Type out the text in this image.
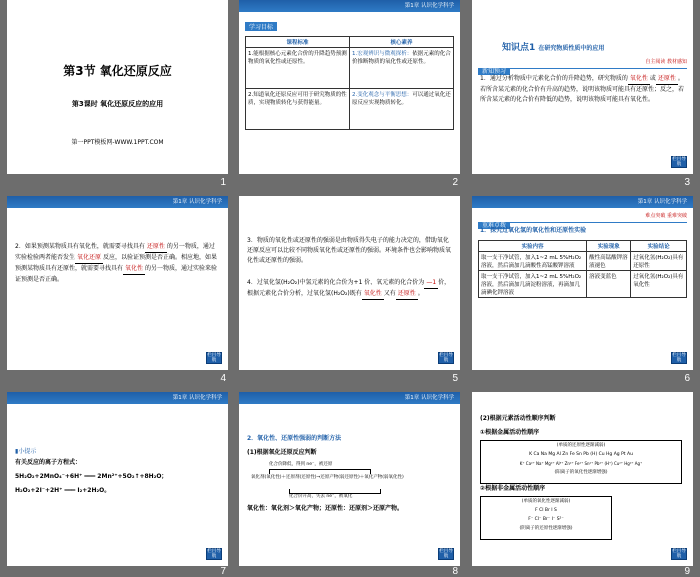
第3节 氧化还原反应
第3课时 氧化还原反应的应用
第一PPT模板网-WWW.1PPT.COM
1
第1章 认识化学科学
学习目标
课程标准	核心素养
1.能根据核心元素化合价的升降趋势预测物质的氧化性或还原性。	1.宏观辨识与微观探析：依据元素的化合价推断物质的氧化性或还原性。
2.知道氧化还原反应可用于研究物质的性质，实现物质转化与获得能量。	2.变化观念与平衡思想：可以通过氧化还原反应实现物质转化。
2
知识点1 在研究物质性质中的应用
新知预习
自主阅读 教材感知
1．通过分析物质中元素化合价的升降趋势，研究物质的 氧化性 或 还原性 。若所含某元素的化合价有升高的趋势，说明该物质可能具有还原性；反之，若所含某元素的化合价有降低的趋势，说明该物质可能具有氧化性。
栏目导航
3
第1章 认识化学科学
2．如果预测某物质具有氧化性，就需要寻找具有 还原性 的另一物质，通过实验检验两者能否发生 氧化还原 反应，以验证预测是否正确。相应地，如果预测某物质具有还原性，就需要寻找具有 氧化性 的另一物质，通过实验来验证预测是否正确。
栏目导航
4
3．物质的氧化性或还原性的强弱是由物质得失电子的能力决定的，借助氧化还原反应可以比较不同物质氧化性或还原性的强弱。环境条件也会影响物质氧化性或还原性的强弱。
4．过氧化氢(H₂O₂)中氢元素的化合价为+1 价、氧元素的化合价为 —1 价，根据元素化合价分析，过氧化氢(H₂O₂)既有 氧化性 又有 还原性 。
栏目导航
5
第1章 认识化学科学
重难点拨
难点突破 重难突破
1．探究过氧化氢的氧化性和还原性实验
实验内容	实验现象	实验结论
取一支干净试管，加入1~2 mL 5%H₂O₂溶液，然后滴加几滴酸性高锰酸钾溶液	酸性高锰酸钾溶液褪色	过氧化氢(H₂O₂)具有还原性
取一支干净试管，加入1~2 mL 5%H₂O₂溶液，然后滴加几滴淀粉溶液，再滴加几滴碘化钾溶液	溶液变蓝色	过氧化氢(H₂O₂)具有氧化性
栏目导航
6
第1章 认识化学科学
▮小提示
有关反应的离子方程式：
5H₂O₂+2MnO₄⁻+6H⁺ ═══ 2Mn²⁺+5O₂↑+8H₂O；
H₂O₂+2I⁻+2H⁺ ═══ I₂+2H₂O。
栏目导航
7
第1章 认识化学科学
2．氧化性、还原性强弱的判断方法
(1)根据氧化还原反应判断
化合价降低，得到 ne⁻，被还原
氧化剂(氧化性)＋还原剂(还原性)→还原产物(弱还原性)＋氧化产物(弱氧化性)
化合价升高，失去 ne⁻，被氧化
氧化性：氧化剂＞氧化产物；还原性：还原剂＞还原产物。
栏目导航
8
(2)根据元素活动性顺序判断
①根据金属活动性顺序
(单质的还原性逐渐减弱)
K Ca Na Mg Al Zn Fe Sn Pb (H) Cu Hg Ag Pt Au
K⁺ Ca²⁺ Na⁺ Mg²⁺ Al³⁺ Zn²⁺ Fe²⁺ Sn²⁺ Pb²⁺ (H⁺) Cu²⁺ Hg²⁺ Ag⁺
(阳离子的氧化性逐渐增强)
②根据非金属活动性顺序
(单质的氧化性逐渐减弱)
F Cl Br I S
F⁻ Cl⁻ Br⁻ I⁻ S²⁻
(阴离子的还原性逐渐增强)
栏目导航
9
